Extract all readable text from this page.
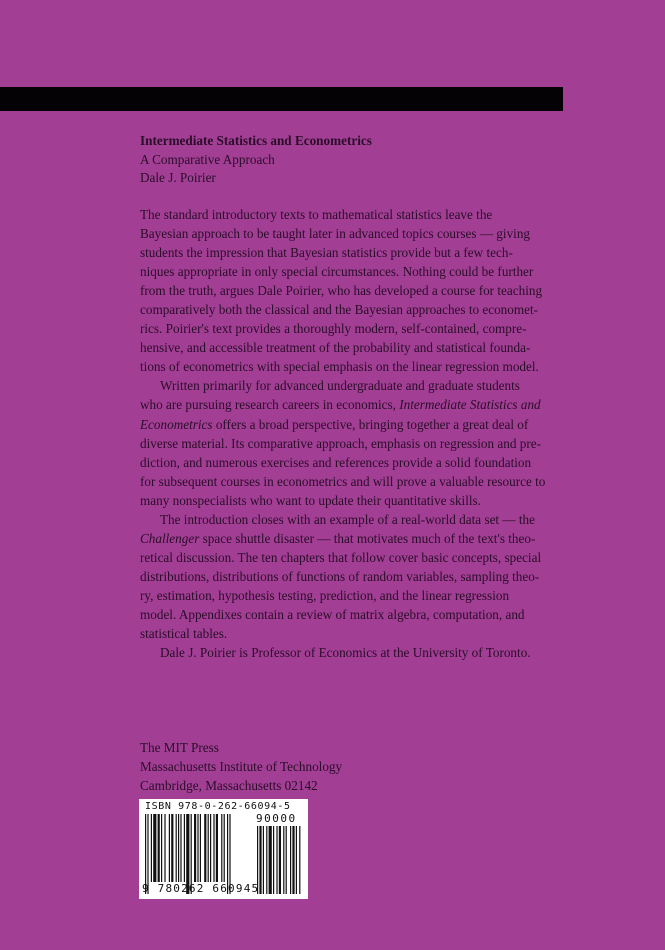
Intermediate Statistics and Econometrics
A Comparative Approach
Dale J. Poirier
The standard introductory texts to mathematical statistics leave the
Bayesian approach to be taught later in advanced topics courses — giving
students the impression that Bayesian statistics provide but a few tech-
niques appropriate in only special circumstances. Nothing could be further
from the truth, argues Dale Poirier, who has developed a course for teaching
comparatively both the classical and the Bayesian approaches to economet-
rics. Poirier's text provides a thoroughly modern, self-contained, compre-
hensive, and accessible treatment of the probability and statistical founda-
tions of econometrics with special emphasis on the linear regression model.
Written primarily for advanced undergraduate and graduate students
who are pursuing research careers in economics, Intermediate Statistics and
Econometrics offers a broad perspective, bringing together a great deal of
diverse material. Its comparative approach, emphasis on regression and pre-
diction, and numerous exercises and references provide a solid foundation
for subsequent courses in econometrics and will prove a valuable resource to
many nonspecialists who want to update their quantitative skills.
The introduction closes with an example of a real-world data set — the
Challenger space shuttle disaster — that motivates much of the text's theo-
retical discussion. The ten chapters that follow cover basic concepts, special
distributions, distributions of functions of random variables, sampling theo-
ry, estimation, hypothesis testing, prediction, and the linear regression
model. Appendixes contain a review of matrix algebra, computation, and
statistical tables.
Dale J. Poirier is Professor of Economics at the University of Toronto.
The MIT Press
Massachusetts Institute of Technology
Cambridge, Massachusetts 02142
ISBN 978-0-262-66094-5
90000
9 780262 660945
